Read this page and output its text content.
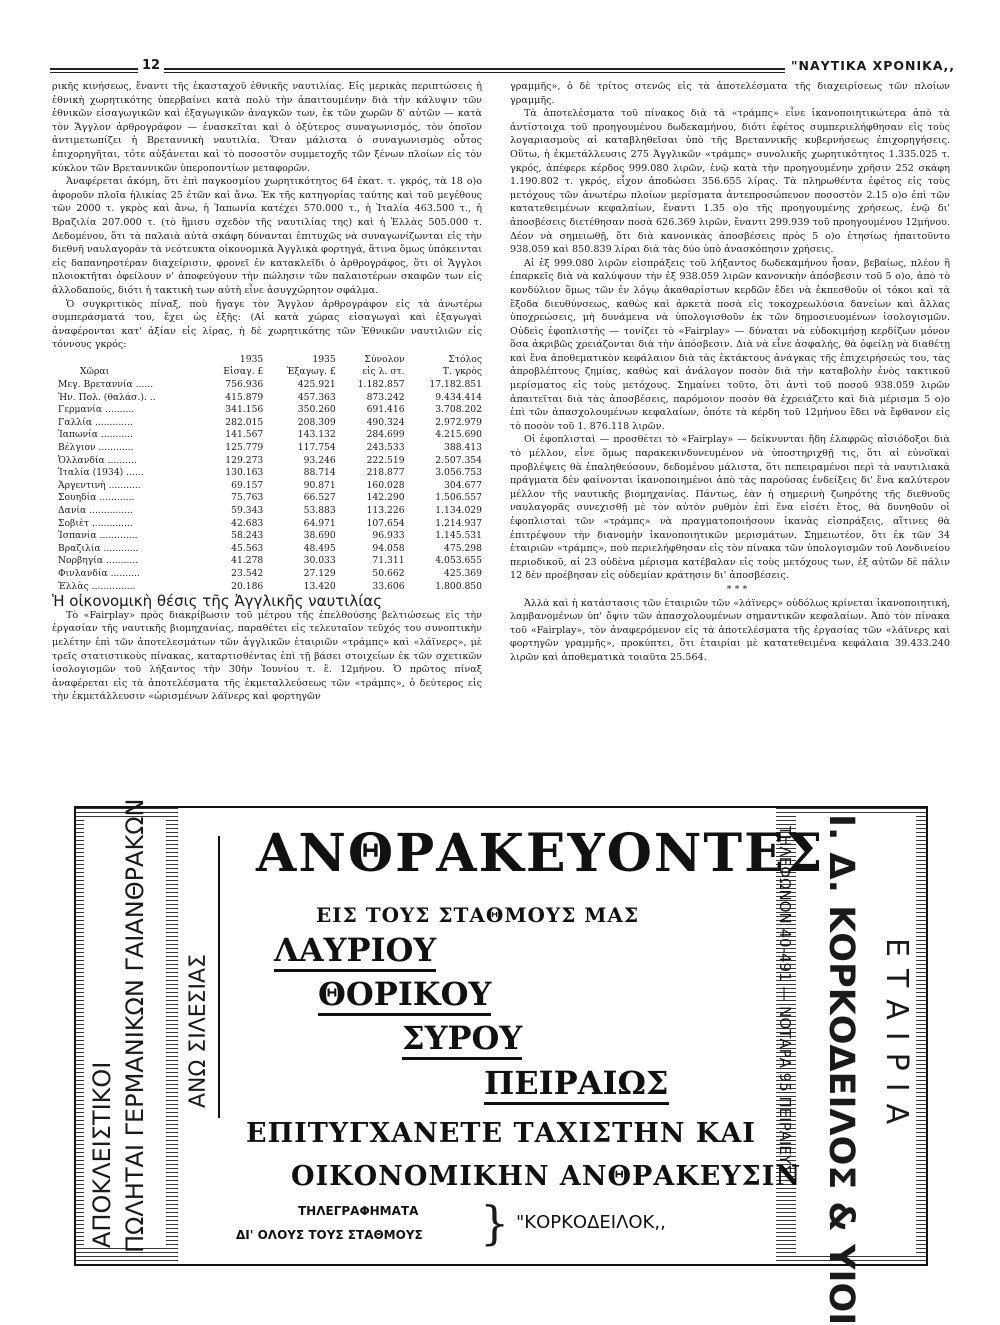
12	"ΝΑΥΤΙΚΑ ΧΡΟΝΙΚΑ,,

ρικῆς κινήσεως, ἔναντι τῆς ἑκασταχοῦ ἐθνικῆς ναυτιλίας. Εἰς μερικὰς περιπτώσεις ἡ ἐθνικὴ χωρητικότης ὑπερβαίνει κατὰ πολὺ τὴν ἀπαιτουμένην διὰ τὴν κάλυψιν τῶν ἐθνικῶν εἰσαγωγικῶν καὶ ἐξαγωγικῶν ἀναγκῶν των, ἐκ τῶν χωρῶν δ' αὐτῶν — κατὰ τὸν Ἄγγλον ἀρθρογράφον — ἐνασκεῖται καὶ ὁ ὀξύτερος συναγωνισμός, τὸν ὁποῖον ἀντιμετωπίζει ἡ Βρεταννικὴ ναυτιλία. Ὅταν μάλιστα ὁ συναγωνισμὸς οὗτος ἐπιχορηγῆται, τότε αὐξάνεται καὶ τὸ ποσοστὸν συμμετοχῆς τῶν ξένων πλοίων εἰς τὸν κύκλον τῶν Βρεταννικῶν ὑπεροποντίων μεταφορῶν.

Ἀναφέρεται ἀκόμη, ὅτι ἐπὶ παγκοσμίου χωρητικότητος 64 ἑκατ. τ. γκρός, τὰ 18 ο)ο ἀφοροῦν πλοῖα ἡλικίας 25 ἐτῶν καὶ ἄνω. Ἐκ τῆς κατηγορίας ταύτης καὶ τοῦ μεγέθους τῶν 2000 τ. γκρὸς καὶ ἄνω, ἡ Ἰαπωνία κατέχει 570.000 τ., ἡ Ἰταλία 463.500 τ., ἡ Βραζιλία 207.000 τ. (τὸ ἥμισυ σχεδὸν τῆς ναυτιλίας της) καὶ ἡ Ἑλλὰς 505.000 τ. Δεδομένου, ὅτι τὰ παλαιὰ αὐτὰ σκάφη δύνανται ἐπιτυχῶς νὰ συναγωνίζωνται εἰς τὴν διεθνῆ ναυλαγορὰν τὰ νεότευκτα οἰκονομικὰ Ἀγγλικὰ φορτηγά, ἅτινα ὅμως ὑπόκεινται εἰς δαπανηροτέραν διαχείρισιν, φρονεῖ ἐν κατακλεῖδι ὁ ἀρθρογράφος, ὅτι οἱ Ἄγγλοι πλοιοκτῆται ὀφείλουν ν' ἀποφεύγουν τὴν πώλησιν τῶν παλαιοτέρων σκαφῶν των εἰς ἀλλοδαπούς, διότι ἡ τακτικὴ των αὐτὴ εἶνε ἀσυγχώρητον σφάλμα.

Ὁ συγκριτικὸς πίναξ, ποὺ ἤγαγε τὸν Ἄγγλον ἀρθρογράφον εἰς τὰ ἀνωτέρω συμπεράσματά του, ἔχει ὡς ἑξῆς: (Αἱ κατὰ χώρας εἰσαγωγαὶ καὶ ἐξαγωγαὶ ἀναφέρονται κατ' ἀξίαν εἰς λίρας, ἡ δὲ χωρητικότης τῶν Ἐθνικῶν ναυτιλιῶν εἰς τόννους γκρός:

	1935	1935	Σύνολον	Στόλος
Χῶραι	Εἰσαγ. £	Ἐξαγωγ. £	εἰς λ. στ.	Τ. γκρὸς
Μεγ. Βρεταννία ......	756.936	425.921	1.182.857	17.182.851
Ἠν. Πολ. (θαλάσ.). ..	415.879	457.363	873.242	9.434.414
Γερμανία ..........	341.156	350.260	691.416	3.708.202
Γαλλία .............	282.015	208.309	490.324	2.972.979
Ἰαπωνία ...........	141.567	143.132	284.699	4.215.690
Βέλγιον ............	125.779	117.754	243.533	388.413
Ὁλλανδία ..........	129.273	93.246	222.519	2.507.354
Ἰταλία (1934) ......	130.163	88.714	218.877	3.056.753
Ἀργεντινὴ ...........	69.157	90.871	160.028	304.677
Σουηδία ............	75.763	66.527	142.290	1.506.557
Δανία ...............	59.343	53.883	113.226	1.134.029
Σοβιὲτ ..............	42.683	64.971	107.654	1.214.937
Ἱσπανία .............	58.243	38.690	96.933	1.145.531
Βραζιλία ............	45.563	48.495	94.058	475.298
Νορβηγία ...........	41.278	30.033	71.311	4.053.655
Φινλανδία ..........	23.542	27.129	50.662	425.369
Ἑλλὰς ...............	20.186	13.420	33.606	1.800.850

Ἡ οἰκονομικὴ θέσις τῆς Ἀγγλικῆς ναυτιλίας

Τὸ «Fairplay» πρὸς διακρίβωσιν τοῦ μέτρου τῆς ἐπελθούσης βελτιώσεως εἰς τὴν ἐργασίαν τῆς ναυτικῆς βιομηχανίας, παραθέτει εἰς τελευταῖον τεῦχός του συνοπτικὴν μελέτην ἐπὶ τῶν ἀποτελεσμάτων τῶν ἀγγλικῶν ἑταιριῶν «τράμπς» καὶ «λάϊνερς», μὲ τρεῖς στατιστικοὺς πίνακας, καταρτισθέντας ἐπὶ τῇ βάσει στοιχείων ἐκ τῶν σχετικῶν ἰσολογισμῶν τοῦ λήξαντος τὴν 30ὴν Ἰουνίου τ. ἔ. 12μήνου. Ὁ πρῶτος πίναξ ἀναφέρεται εἰς τὰ ἀποτελέσματα τῆς ἐκμεταλλεύσεως τῶν «τράμπς», ὁ δεύτερος εἰς τὴν ἐκμετάλλευσιν «ὡρισμένων λάϊνερς καὶ φορτηγῶν

γραμμῆς», ὁ δὲ τρίτος στενῶς εἰς τὰ ἀποτελέσματα τῆς διαχειρίσεως τῶν πλοίων γραμμῆς.

Τὰ ἀποτελέσματα τοῦ πίνακος διὰ τὰ «τράμπς» εἶνε ἱκανοποιητικώτερα ἀπὸ τὰ ἀντίστοιχα τοῦ προηγουμένου δωδεκαμήνου, διότι ἐφέτος συμπεριελήφθησαν εἰς τοὺς λογαριασμοὺς αἱ καταβληθεῖσαι ὑπὸ τῆς Βρεταννικῆς κυβερνήσεως ἐπιχορηγήσεις. Οὕτω, ἡ ἐκμετάλλευσις 275 Ἀγγλικῶν «τράμπς» συνολικῆς χωρητικότητος 1.335.025 τ. γκρός, ἀπέφερε κέρδος 999.080 λιρῶν, ἐνῷ κατὰ τὴν προηγουμένην χρῆσιν 252 σκάφη 1.190.802 τ. γκρός, εἶχον ἀποδώσει 356.655 λίρας. Τὰ πληρωθέντα ἐφέτος εἰς τοὺς μετόχους τῶν ἀνωτέρω πλοίων μερίσματα ἀντεπροσώπευον ποσοστὸν 2.15 ο)ο ἐπὶ τῶν κατατεθειμένων κεφαλαίων, ἔναντι 1.35 ο)ο τῆς προηγουμένης χρήσεως, ἐνῷ δι' ἀποσβέσεις διετέθησαν ποσὰ 626.369 λιρῶν, ἔναντι 299.939 τοῦ προηγουμένου 12μήνου. Δέον νὰ σημειωθῇ, ὅτι διὰ κανονικὰς ἀποσβέσεις πρὸς 5 ο)ο ἐτησίως ἠπαιτοῦντο 938.059 καὶ 850.839 λίραι διὰ τὰς δύο ὑπὸ ἀνασκόπησιν χρήσεις.

Αἱ ἐξ 999.080 λιρῶν εἰσπράξεις τοῦ λήξαντος δωδεκαμήνου ἦσαν, βεβαίως, πλέον ἢ ἐπαρκεῖς διὰ νὰ καλύψουν τὴν ἐξ 938.059 λιρῶν κανονικὴν ἀπόσβεσιν τοῦ 5 ο)ο, ἀπὸ τὸ κονδύλιον ὅμως τῶν ἐν λόγῳ ἀκαθαρίστων κερδῶν ἔδει νὰ ἐκπεσθοῦν οἱ τόκοι καὶ τὰ ἔξοδα διευθύνσεως, καθὼς καὶ ἀρκετὰ ποσὰ εἰς τοκοχρεωλύσια δανείων καὶ ἄλλας ὑποχρεώσεις, μὴ δυνάμενα νὰ ὑπολογισθοῦν ἐκ τῶν δημοσιευομένων ἰσολογισμῶν. Οὐδεὶς ἐφοπλιστὴς — τονίζει τὸ «Fairplay» — δύναται νὰ εὐδοκιμήσῃ κερδίζων μόνον ὅσα ἀκριβῶς χρειάζονται διὰ τὴν ἀπόσβεσιν. Διὰ νὰ εἶνε ἀσφαλής, θὰ ὀφείλῃ νὰ διαθέτῃ καὶ ἕνα ἀποθεματικὸν κεφάλαιον διὰ τὰς ἐκτάκτους ἀνάγκας τῆς ἐπιχειρήσεώς του, τὰς ἀπροβλέπτους ζημίας, καθὼς καὶ ἀνάλογον ποσὸν διὰ τὴν καταβολὴν ἑνὸς τακτικοῦ μερίσματος εἰς τοὺς μετόχους. Σημαίνει τοῦτο, ὅτι ἀντὶ τοῦ ποσοῦ 938.059 λιρῶν ἀπαιτεῖται διὰ τὰς ἀποσβέσεις, παρόμοιον ποσὸν θὰ ἐχρειάζετο καὶ διὰ μέρισμα 5 ο)ο ἐπὶ τῶν ἀπασχολουμένων κεφαλαίων, ὁπότε τὰ κέρδη τοῦ 12μήνου ἔδει νὰ ἔφθανον εἰς τὸ ποσὸν τοῦ 1. 876.118 λιρῶν.

Οἱ ἐφοπλισταὶ — προσθέτει τὸ «Fairplay» — δείκνυνται ἤδη ἐλαφρῶς αἰσιόδοξοι διὰ τὸ μέλλον, εἶνε ὅμως παρακεκινδυνευμένον νὰ ὑποστηριχθῇ τις, ὅτι αἱ εὐνοϊκαὶ προβλέψεις θὰ ἐπαληθεύσουν, δεδομένου μάλιστα, ὅτι πεπειραμένοι περὶ τὰ ναυτιλιακὰ πράγματα δὲν φαίνονται ἱκανοποιημένοι ἀπὸ τὰς παρούσας ἐνδείξεις δι' ἕνα καλύτερον μέλλον τῆς ναυτικῆς βιομηχανίας. Πάντως, ἐὰν ἡ σημερινὴ ζωηρότης τῆς διεθνοῦς ναυλαγορᾶς συνεχισθῇ μὲ τὸν αὐτὸν ρυθμὸν ἐπὶ ἕνα εἰσέτι ἔτος, θὰ δυνηθοῦν οἱ ἐφοπλισταὶ τῶν «τράμπς» νὰ πραγματοποιήσουν ἱκανὰς εἰσπράξεις, αἵτινες θὰ ἐπιτρέψουν τὴν διανομὴν ἱκανοποιητικῶν μερισμάτων. Σημειωτέον, ὅτι ἐκ τῶν 34 ἑταιριῶν «τράμπς», ποὺ περιελήφθησαν εἰς τὸν πίνακα τῶν ὑπολογισμῶν τοῦ Λονδινείου περιοδικοῦ, αἱ 23 οὐδὲνα μέρισμα κατέβαλαν εἰς τοὺς μετόχους των, ἐξ αὐτῶν δὲ πάλιν 12 δὲν προέβησαν εἰς οὐδεμίαν κράτησιν δι' ἀποσβέσεις.

* * *

Ἀλλὰ καὶ ἡ κατάστασις τῶν ἑταιριῶν τῶν «λάϊνερς» οὐδόλως κρίνεται ἱκανοποιητική, λαμβανομένων ὑπ' ὄψιν τῶν ἀπασχολουμένων σημαντικῶν κεφαλαίων. Ἀπὸ τὸν πίνακα τοῦ «Fairplay», τὸν ἀναφερόμενον εἰς τὰ ἀποτελέσματα τῆς ἐργασίας τῶν «λάϊνερς καὶ φορτηγῶν γραμμῆς», προκύπτει, ὅτι ἑταιρίαι μὲ κατατεθειμένα κεφάλαια 39.433.240 λιρῶν καὶ ἀποθεματικὰ τοιαῦτα 25.564.

ΑΠΟΚΛΕΙΣΤΙΚΟΙ ΠΩΛΗΤΑΙ ΓΕΡΜΑΝΙΚΩΝ ΓΑΙΑΝΘΡΑΚΩΝ ΑΝΩ ΣΙΛΕΣΙΑΣ	ΤΗΛΕΦΩΝΟΝ 40-491 — ΝΟΤΑΡΑ 95 ΠΕΙΡΑΙΕΥΣ Ι. Δ. ΚΟΡΚΟΔΕΙΛΟΣ & ΥΙΟΙ ΕΤΑΙΡΙΑ
ΑΝΘΡΑΚΕΥΟΝΤΕΣ
ΕΙΣ ΤΟΥΣ ΣΤΑΘΜΟΥΣ ΜΑΣ
ΛΑΥΡΙΟΥ
ΘΟΡΙΚΟΥ
ΣΥΡΟΥ
ΠΕΙΡΑΙΩΣ
ΕΠΙΤΥΓΧΑΝΕΤΕ ΤΑΧΙΣΤΗΝ ΚΑΙ
ΟΙΚΟΝΟΜΙΚΗΝ ΑΝΘΡΑΚΕΥΣΙΝ
ΤΗΛΕΓΡΑΦΗΜΑΤΑ
ΔΙ' ΟΛΟΥΣ ΤΟΥΣ ΣΤΑΘΜΟΥΣ } "ΚΟΡΚΟΔΕΙΛΟΚ,,
